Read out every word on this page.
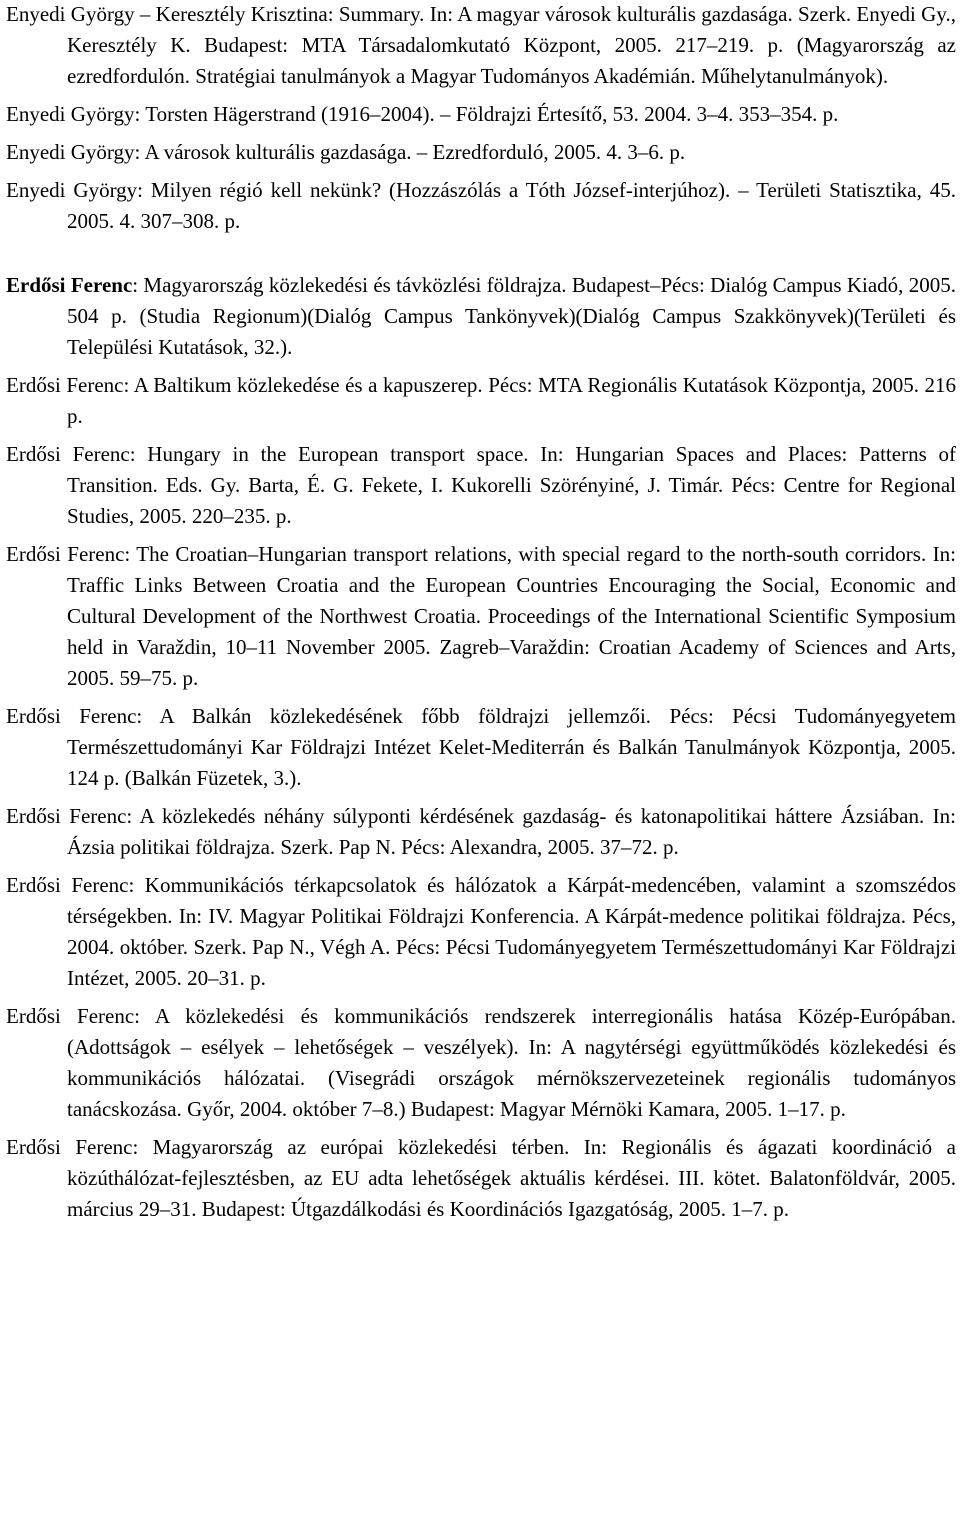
Enyedi György – Keresztély Krisztina: Summary. In: A magyar városok kulturális gazdasága. Szerk. Enyedi Gy., Keresztély K. Budapest: MTA Társadalomkutató Központ, 2005. 217–219. p. (Magyarország az ezredfordulón. Stratégiai tanulmányok a Magyar Tudományos Akadémián. Műhelytanulmányok).

Enyedi György: Torsten Hägerstrand (1916–2004). – Földrajzi Értesítő, 53. 2004. 3–4. 353–354. p.

Enyedi György: A városok kulturális gazdasága. – Ezredforduló, 2005. 4. 3–6. p.

Enyedi György: Milyen régió kell nekünk? (Hozzászólás a Tóth József-interjúhoz). – Területi Statisztika, 45. 2005. 4. 307–308. p.

Erdősi Ferenc: Magyarország közlekedési és távközlési földrajza. Budapest–Pécs: Dialóg Campus Kiadó, 2005. 504 p. (Studia Regionum)(Dialóg Campus Tankönyvek)(Dialóg Campus Szakkönyvek)(Területi és Települési Kutatások, 32.).

Erdősi Ferenc: A Baltikum közlekedése és a kapuszerep. Pécs: MTA Regionális Kutatások Központja, 2005. 216 p.

Erdősi Ferenc: Hungary in the European transport space. In: Hungarian Spaces and Places: Patterns of Transition. Eds. Gy. Barta, É. G. Fekete, I. Kukorelli Szörényiné, J. Timár. Pécs: Centre for Regional Studies, 2005. 220–235. p.

Erdősi Ferenc: The Croatian–Hungarian transport relations, with special regard to the north-south corridors. In: Traffic Links Between Croatia and the European Countries Encouraging the Social, Economic and Cultural Development of the Northwest Croatia. Proceedings of the International Scientific Symposium held in Varaždin, 10–11 November 2005. Zagreb–Varaždin: Croatian Academy of Sciences and Arts, 2005. 59–75. p.

Erdősi Ferenc: A Balkán közlekedésének főbb földrajzi jellemzői. Pécs: Pécsi Tudományegyetem Természettudományi Kar Földrajzi Intézet Kelet-Mediterrán és Balkán Tanulmányok Központja, 2005. 124 p. (Balkán Füzetek, 3.).

Erdősi Ferenc: A közlekedés néhány súlyponti kérdésének gazdaság- és katonapolitikai háttere Ázsiában. In: Ázsia politikai földrajza. Szerk. Pap N. Pécs: Alexandra, 2005. 37–72. p.

Erdősi Ferenc: Kommunikációs térkapcsolatok és hálózatok a Kárpát-medencében, valamint a szomszédos térségekben. In: IV. Magyar Politikai Földrajzi Konferencia. A Kárpát-medence politikai földrajza. Pécs, 2004. október. Szerk. Pap N., Végh A. Pécs: Pécsi Tudományegyetem Természettudományi Kar Földrajzi Intézet, 2005. 20–31. p.

Erdősi Ferenc: A közlekedési és kommunikációs rendszerek interregionális hatása Közép-Európában. (Adottságok – esélyek – lehetőségek – veszélyek). In: A nagytérségi együttműködés közlekedési és kommunikációs hálózatai. (Visegrádi országok mérnökszervezeteinek regionális tudományos tanácskozása. Győr, 2004. október 7–8.) Budapest: Magyar Mérnöki Kamara, 2005. 1–17. p.

Erdősi Ferenc: Magyarország az európai közlekedési térben. In: Regionális és ágazati koordináció a közúthálózat-fejlesztésben, az EU adta lehetőségek aktuális kérdései. III. kötet. Balatonföldvár, 2005. március 29–31. Budapest: Útgazdálkodási és Koordinációs Igazgatóság, 2005. 1–7. p.
